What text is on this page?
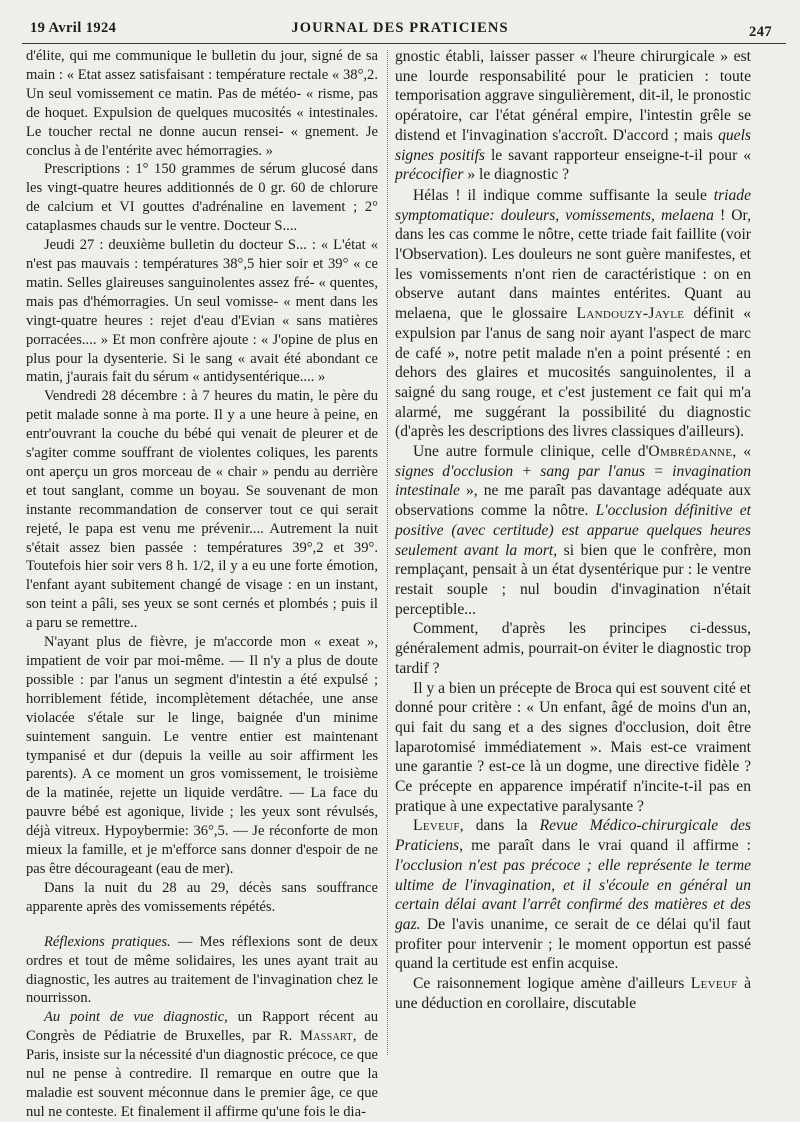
19 Avril 1924	JOURNAL DES PRATICIENS	247

d'élite, qui me communique le bulletin du jour, signé de sa main : « Etat assez satisfaisant : température rectale « 38°,2. Un seul vomissement ce matin. Pas de météo- « risme, pas de hoquet. Expulsion de quelques mucosités « intestinales. Le toucher rectal ne donne aucun rensei- « gnement. Je conclus à de l'entérite avec hémorragies. »

Prescriptions : 1° 150 grammes de sérum glucosé dans les vingt-quatre heures additionnés de 0 gr. 60 de chlorure de calcium et VI gouttes d'adrénaline en lavement ; 2° cataplasmes chauds sur le ventre. Docteur S....

Jeudi 27 : deuxième bulletin du docteur S... : « L'état « n'est pas mauvais : températures 38°,5 hier soir et 39° « ce matin. Selles glaireuses sanguinolentes assez fré- « quentes, mais pas d'hémorragies. Un seul vomisse- « ment dans les vingt-quatre heures : rejet d'eau d'Evian « sans matières porracées.... » Et mon confrère ajoute : « J'opine de plus en plus pour la dysenterie. Si le sang « avait été abondant ce matin, j'aurais fait du sérum « antidysentérique.... »

Vendredi 28 décembre : à 7 heures du matin, le père du petit malade sonne à ma porte. Il y a une heure à peine, en entr'ouvrant la couche du bébé qui venait de pleurer et de s'agiter comme souffrant de violentes coliques, les parents ont aperçu un gros morceau de « chair » pendu au derrière et tout sanglant, comme un boyau. Se souvenant de mon instante recommandation de conserver tout ce qui serait rejeté, le papa est venu me prévenir.... Autrement la nuit s'était assez bien passée : températures 39°,2 et 39°. Toutefois hier soir vers 8 h. 1/2, il y a eu une forte émotion, l'enfant ayant subitement changé de visage : en un instant, son teint a pâli, ses yeux se sont cernés et plombés ; puis il a paru se remettre..

N'ayant plus de fièvre, je m'accorde mon « exeat », impatient de voir par moi-même. — Il n'y a plus de doute possible : par l'anus un segment d'intestin a été expulsé ; horriblement fétide, incomplètement détachée, une anse violacée s'étale sur le linge, baignée d'un minime suintement sanguin. Le ventre entier est maintenant tympanisé et dur (depuis la veille au soir affirment les parents). A ce moment un gros vomissement, le troisième de la matinée, rejette un liquide verdâtre. — La face du pauvre bébé est agonique, livide ; les yeux sont révulsés, déjà vitreux. Hypoybermie: 36°,5. — Je réconforte de mon mieux la famille, et je m'efforce sans donner d'espoir de ne pas être décourageant (eau de mer).

Dans la nuit du 28 au 29, décès sans souffrance apparente après des vomissements répétés.

Réflexions pratiques. — Mes réflexions sont de deux ordres et tout de même solidaires, les unes ayant trait au diagnostic, les autres au traitement de l'invagination chez le nourrisson.

Au point de vue diagnostic, un Rapport récent au Congrès de Pédiatrie de Bruxelles, par R. Massart, de Paris, insiste sur la nécessité d'un diagnostic précoce, ce que nul ne pense à contredire. Il remarque en outre que la maladie est souvent méconnue dans le premier âge, ce que nul ne conteste. Et finalement il affirme qu'une fois le dia-

gnostic établi, laisser passer « l'heure chirurgicale » est une lourde responsabilité pour le praticien : toute temporisation aggrave singulièrement, dit-il, le pronostic opératoire, car l'état général empire, l'intestin grêle se distend et l'invagination s'accroît. D'accord ; mais quels signes positifs le savant rapporteur enseigne-t-il pour « précocifier » le diagnostic ?

Hélas ! il indique comme suffisante la seule triade symptomatique: douleurs, vomissements, melaena ! Or, dans les cas comme le nôtre, cette triade fait faillite (voir l'Observation). Les douleurs ne sont guère manifestes, et les vomissements n'ont rien de caractéristique : on en observe autant dans maintes entérites. Quant au melaena, que le glossaire Landouzy-Jayle définit « expulsion par l'anus de sang noir ayant l'aspect de marc de café », notre petit malade n'en a point présenté : en dehors des glaires et mucosités sanguinolentes, il a saigné du sang rouge, et c'est justement ce fait qui m'a alarmé, me suggérant la possibilité du diagnostic (d'après les descriptions des livres classiques d'ailleurs).

Une autre formule clinique, celle d'Ombrédanne, « signes d'occlusion + sang par l'anus = invagination intestinale », ne me paraît pas davantage adéquate aux observations comme la nôtre. L'occlusion définitive et positive (avec certitude) est apparue quelques heures seulement avant la mort, si bien que le confrère, mon remplaçant, pensait à un état dysentérique pur : le ventre restait souple ; nul boudin d'invagination n'était perceptible...

Comment, d'après les principes ci-dessus, généralement admis, pourrait-on éviter le diagnostic trop tardif ?

Il y a bien un précepte de Broca qui est souvent cité et donné pour critère : « Un enfant, âgé de moins d'un an, qui fait du sang et a des signes d'occlusion, doit être laparotomisé immédiatement ». Mais est-ce vraiment une garantie ? est-ce là un dogme, une directive fidèle ? Ce précepte en apparence impératif n'incite-t-il pas en pratique à une expectative paralysante ?

Leveuf, dans la Revue Médico-chirurgicale des Praticiens, me paraît dans le vrai quand il affirme : l'occlusion n'est pas précoce ; elle représente le terme ultime de l'invagination, et il s'écoule en général un certain délai avant l'arrêt confirmé des matières et des gaz. De l'avis unanime, ce serait de ce délai qu'il faut profiter pour intervenir ; le moment opportun est passé quand la certitude est enfin acquise.

Ce raisonnement logique amène d'ailleurs Leveuf à une déduction en corollaire, discutable
